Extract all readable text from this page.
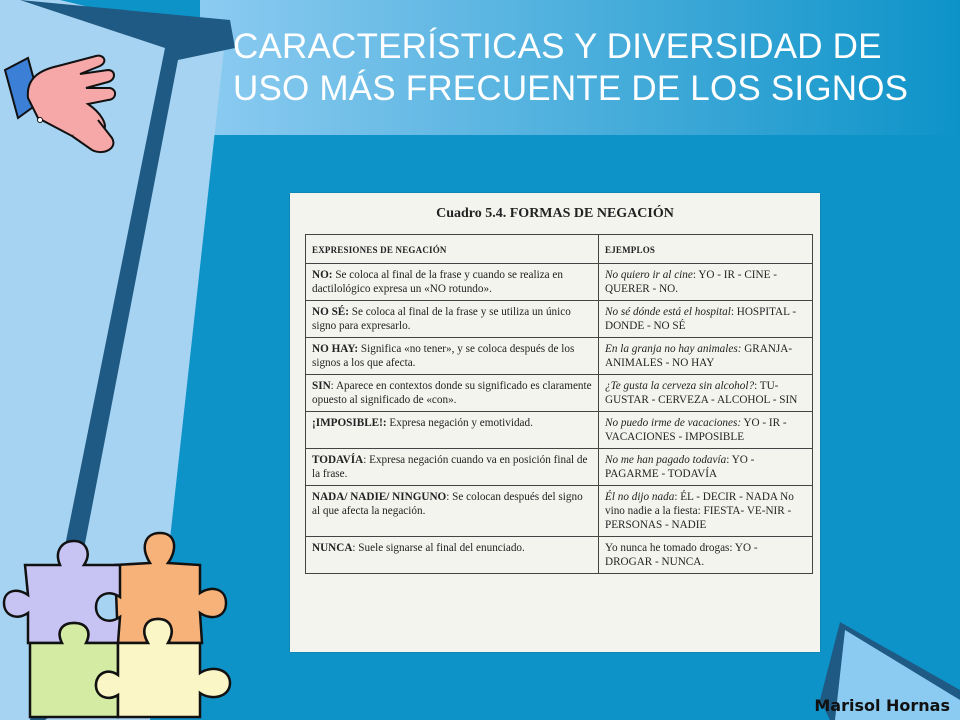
CARACTERÍSTICAS Y DIVERSIDAD DE USO MÁS FRECUENTE DE LOS SIGNOS
Cuadro 5.4. FORMAS DE NEGACIÓN
EXPRESIONES DE NEGACIÓN	EJEMPLOS
NO: Se coloca al final de la frase y cuando se realiza en dactilológico expresa un «NO rotundo».	No quiero ir al cine: YO - IR - CINE - QUERER - NO.
NO SÉ: Se coloca al final de la frase y se utiliza un único signo para expresarlo.	No sé dónde está el hospital: HOSPITAL - DONDE - NO SÉ
NO HAY: Significa «no tener», y se coloca después de los signos a los que afecta.	En la granja no hay animales: GRANJA-ANIMALES - NO HAY
SIN: Aparece en contextos donde su significado es claramente opuesto al significado de «con».	¿Te gusta la cerveza sin alcohol?: TU-GUSTAR - CERVEZA - ALCOHOL - SIN
¡IMPOSIBLE!: Expresa negación y emotividad.	No puedo irme de vacaciones: YO - IR - VACACIONES - IMPOSIBLE
TODAVÍA: Expresa negación cuando va en posición final de la frase.	No me han pagado todavía: YO - PAGARME - TODAVÍA
NADA/ NADIE/ NINGUNO: Se colocan después del signo al que afecta la negación.	Él no dijo nada: ÉL - DECIR - NADA No vino nadie a la fiesta: FIESTA- VE-NIR - PERSONAS - NADIE
NUNCA: Suele signarse al final del enunciado.	Yo nunca he tomado drogas: YO - DROGAR - NUNCA.
Marisol Hornas
